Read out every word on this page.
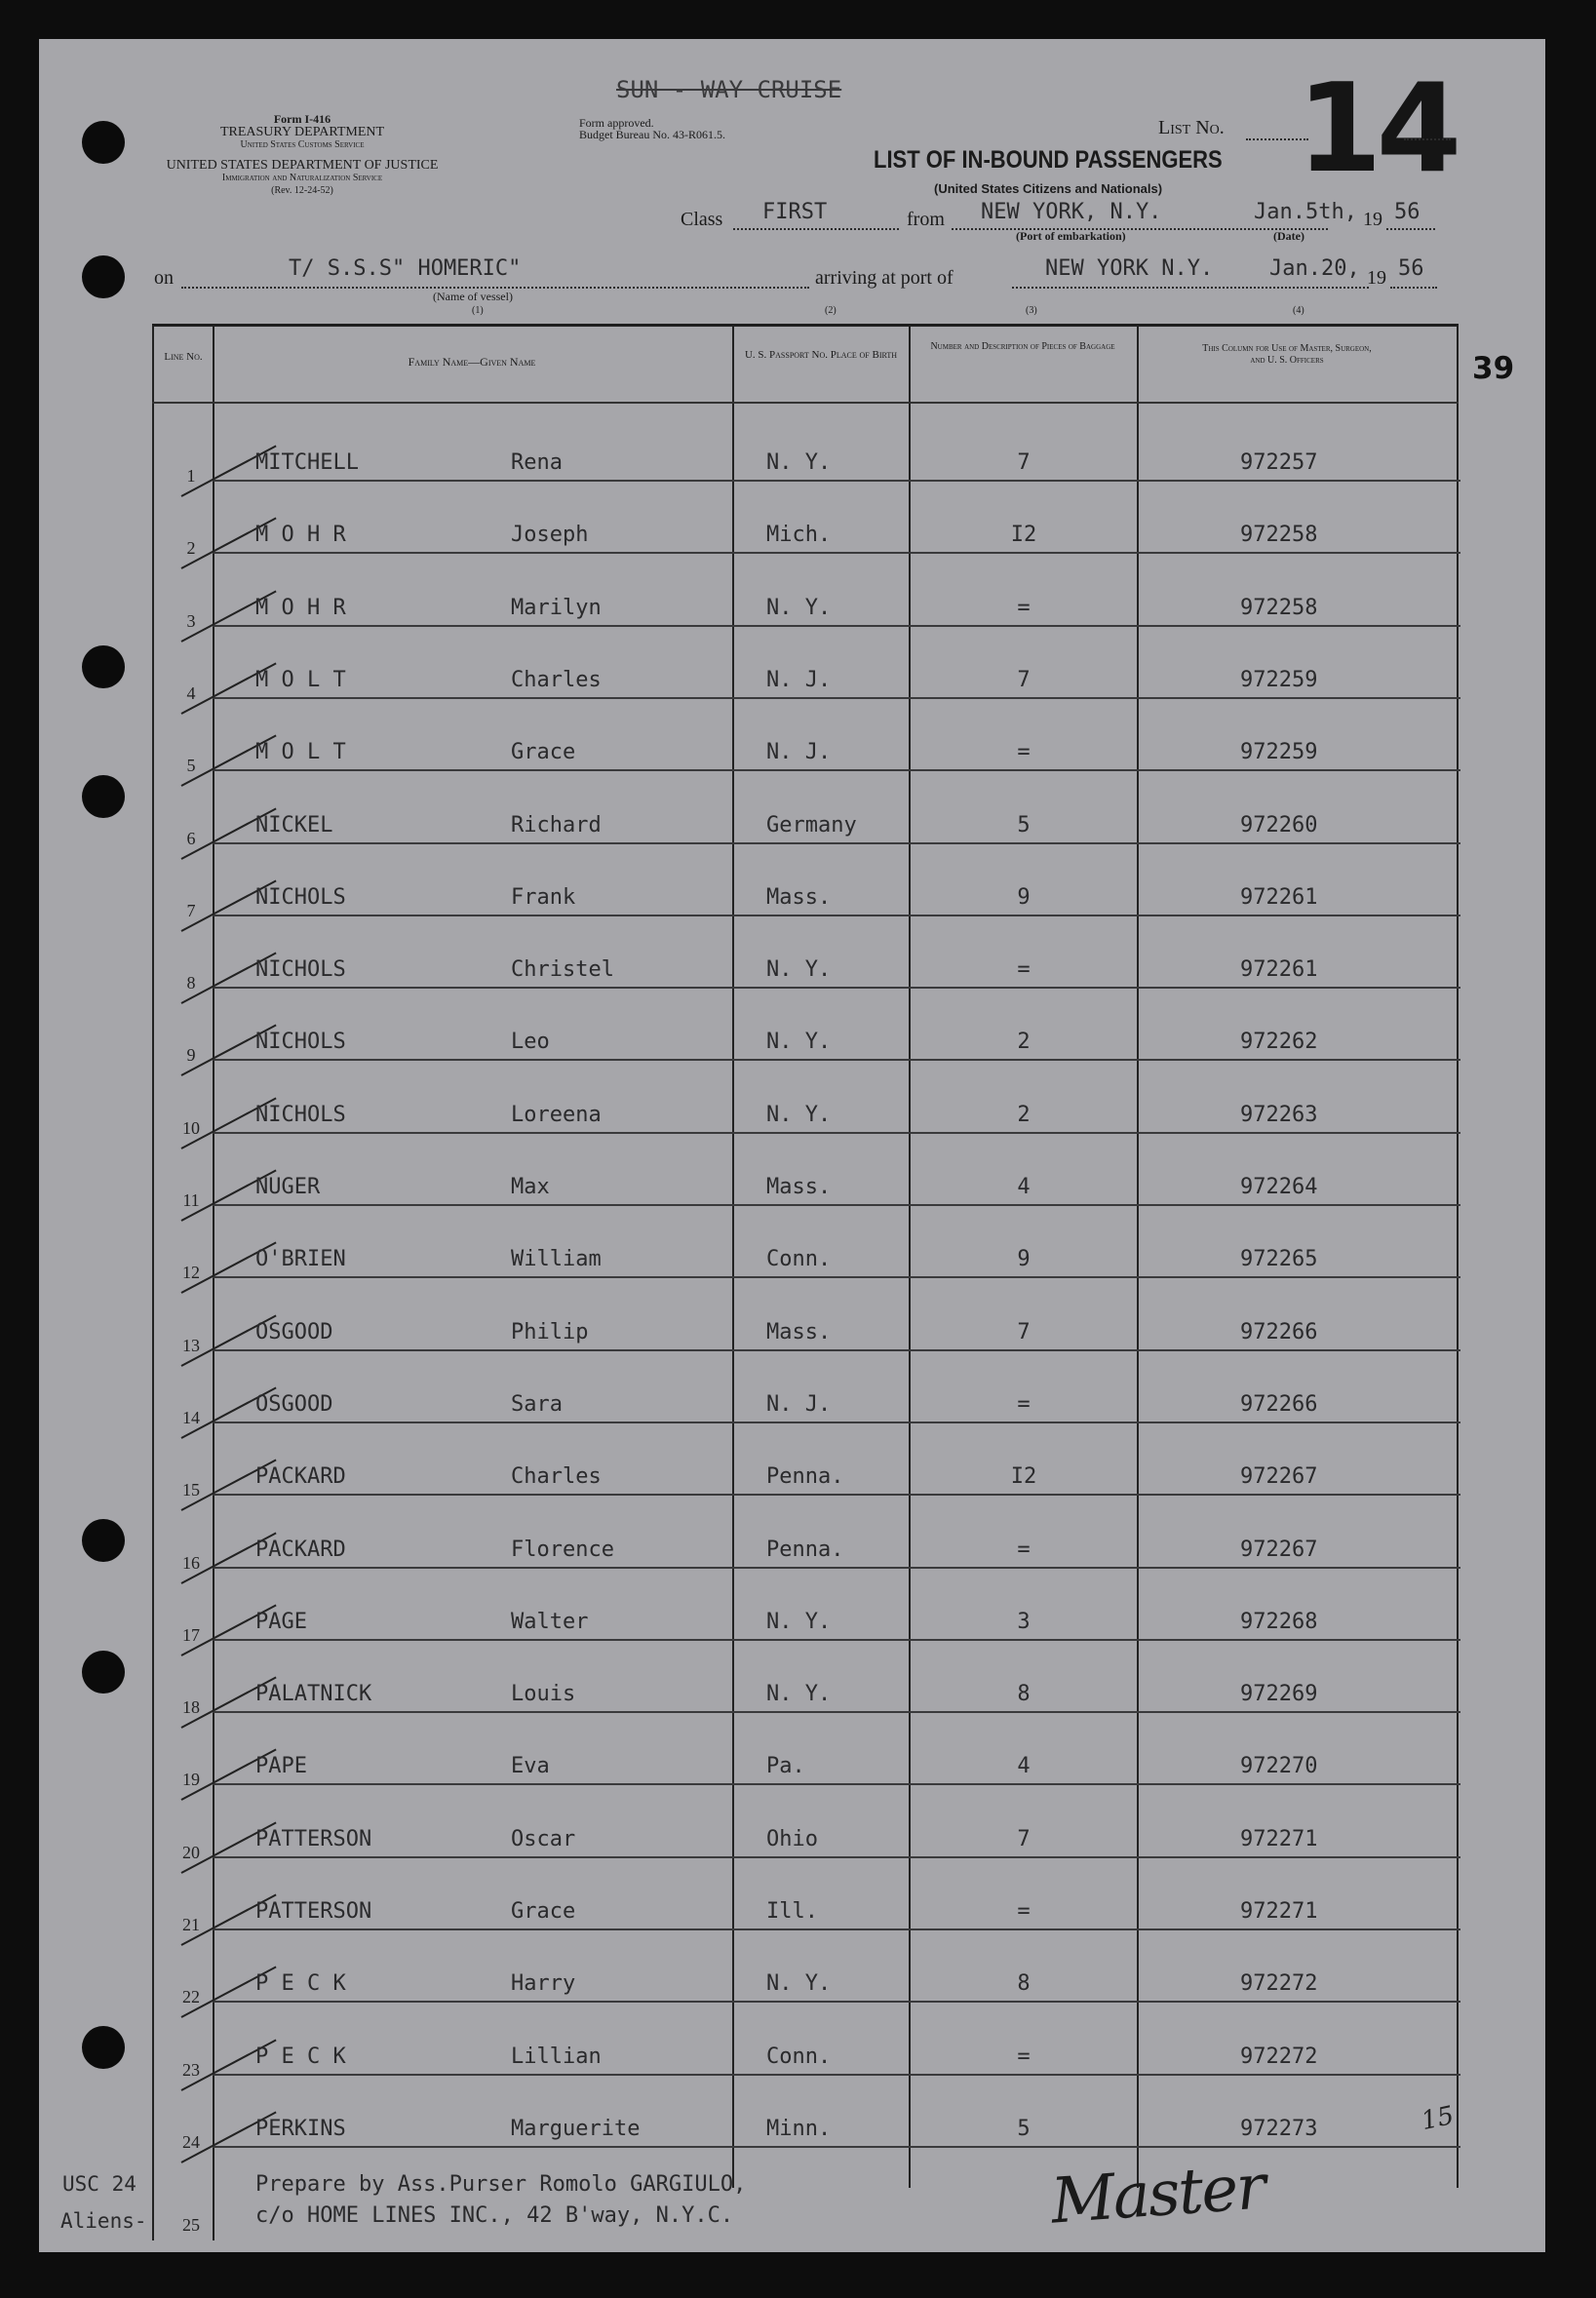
SUN - WAY CRUISE
Form I-416
TREASURY DEPARTMENT
United States Customs Service
UNITED STATES DEPARTMENT OF JUSTICE
Immigration and Naturalization Service
(Rev. 12-24-52)
Form approved.
Budget Bureau No. 43-R061.5.	List No. 14
LIST OF IN-BOUND PASSENGERS
(United States Citizens and Nationals)
Class FIRST	from NEW YORK, N.Y.
(Port of embarkation)
Jan.5th,
(Date)
19 56
on	T/ S.S.S" HOMERIC"
(Name of vessel)
(1)
arriving at port of	NEW YORK N.Y.	Jan.20, 19 56
(2)	(3)	(4)
39
Line No.	Family Name—Given Name	U. S. Passport No. Place of Birth
Number and Description of Pieces of Baggage	This Column for Use of Master, Surgeon, and U. S. Officers
1
MITCHELL	Rena	N. Y.	7	972257
2
M O H R	Joseph	Mich.	I2	972258
3
M O H R	Marilyn	N. Y.	=	972258
4
M O L T	Charles	N. J.	7	972259
5
M O L T	Grace	N. J.	=	972259
6
NICKEL	Richard	Germany	5	972260
7
NICHOLS	Frank	Mass.	9	972261
8
NICHOLS	Christel	N. Y.	=	972261
9
NICHOLS	Leo	N. Y.	2	972262
10
NICHOLS	Loreena	N. Y.	2	972263
11
NUGER	Max	Mass.	4	972264
12
O'BRIEN	William	Conn.	9	972265
13
OSGOOD	Philip	Mass.	7	972266
14
OSGOOD	Sara	N. J.	=	972266
15
PACKARD	Charles	Penna.	I2	972267
16
PACKARD	Florence	Penna.	=	972267
17
PAGE	Walter	N. Y.	3	972268
18
PALATNICK	Louis	N. Y.	8	972269
19
PAPE	Eva	Pa.	4	972270
20
PATTERSON	Oscar	Ohio	7	972271
21
PATTERSON	Grace	Ill.	=	972271
22
P E C K	Harry	N. Y.	8	972272
23
P E C K	Lillian	Conn.	=	972272
24
PERKINS	Marguerite	Minn.	5	972273
25
Prepare by Ass.Purser Romolo GARGIULO,
c/o HOME LINES INC., 42 B'way, N.Y.C.
USC 24
Aliens-	Master
15
